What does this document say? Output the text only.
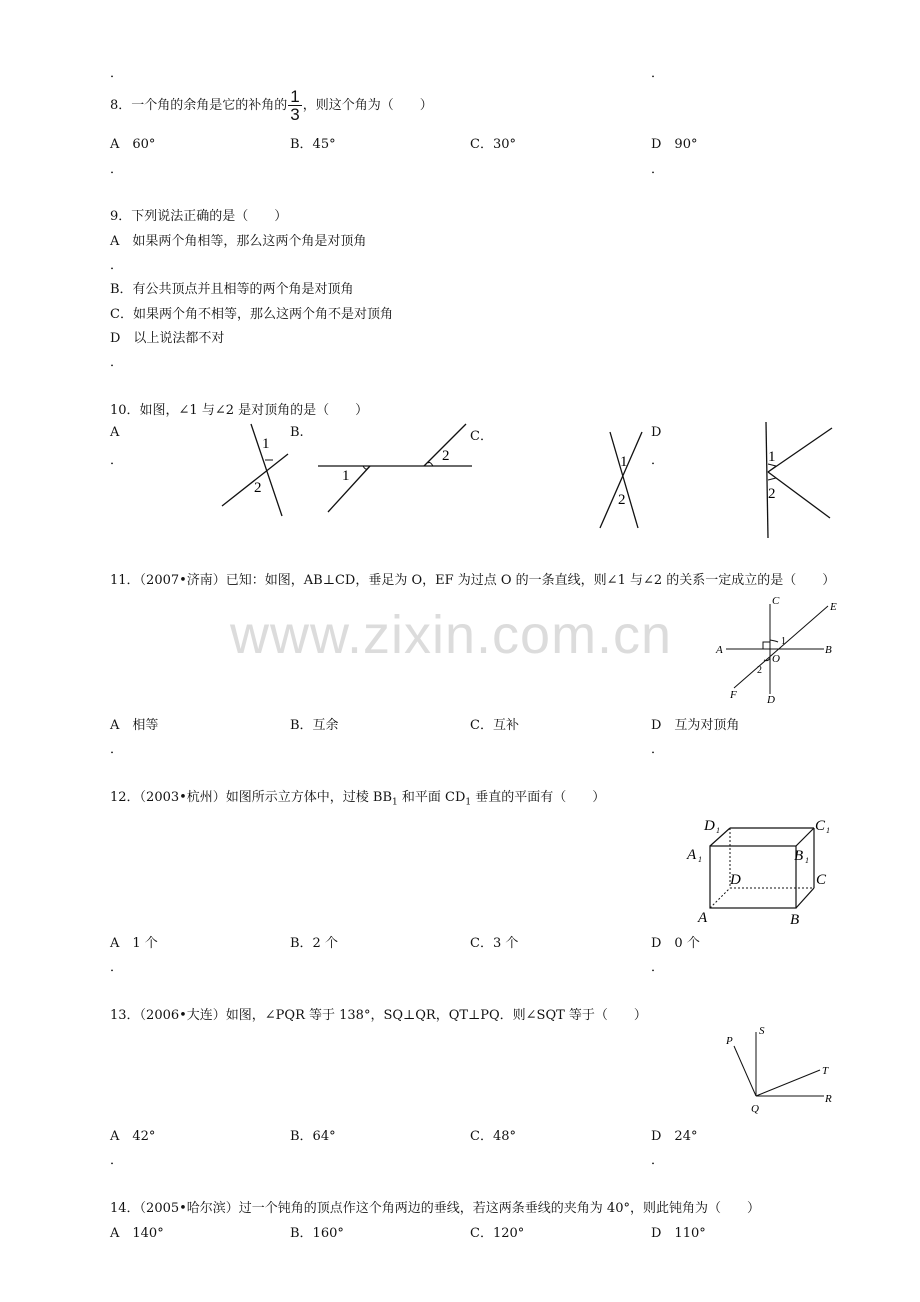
．	．
8．一个角的余角是它的补角的 $\frac{1}{3}$ ，则这个角为（　　）
A　60°	B．45°	C．30°	D　90°
．	．
9．下列说法正确的是（　　）
A　如果两个角相等，那么这两个角是对顶角
．
B．有公共顶点并且相等的两个角是对顶角
C．如果两个角不相等，那么这两个角不是对顶角
D　以上说法都不对
．
10．如图，∠1 与∠2 是对顶角的是（　　）
A
．
B.	C．	D
．
1
2
1
2	1
2
1
2
11．（2007•济南）已知：如图，AB⊥CD，垂足为 O，EF 为过点 O 的一条直线，则∠1 与∠2 的关系一定成立的是（　　）
C	E
A	B
O
1
2
F	D
A　相等	B．互余	C．互补	D　互为对顶角
．	．
www.zixin.com.cn
12．（2003•杭州）如图所示立方体中，过棱 $BB_1$ 和平面 $CD_1$ 垂直的平面有（　　）
D 1	C 1
A 1	B 1
D	C
A	B
A　1 个	B．2 个	C．3 个	D　0 个
．	．
13．（2006•大连）如图，∠PQR 等于 138°，SQ⊥QR，QT⊥PQ．则∠SQT 等于（　　）
P
S
T
Q
R
A　42°	B．64°	C．48°	D　24°
．	．
14．（2005•哈尔滨）过一个钝角的顶点作这个角两边的垂线，若这两条垂线的夹角为 40°，则此钝角为（　　）
A　140°	B．160°	C．120°	D　110°
